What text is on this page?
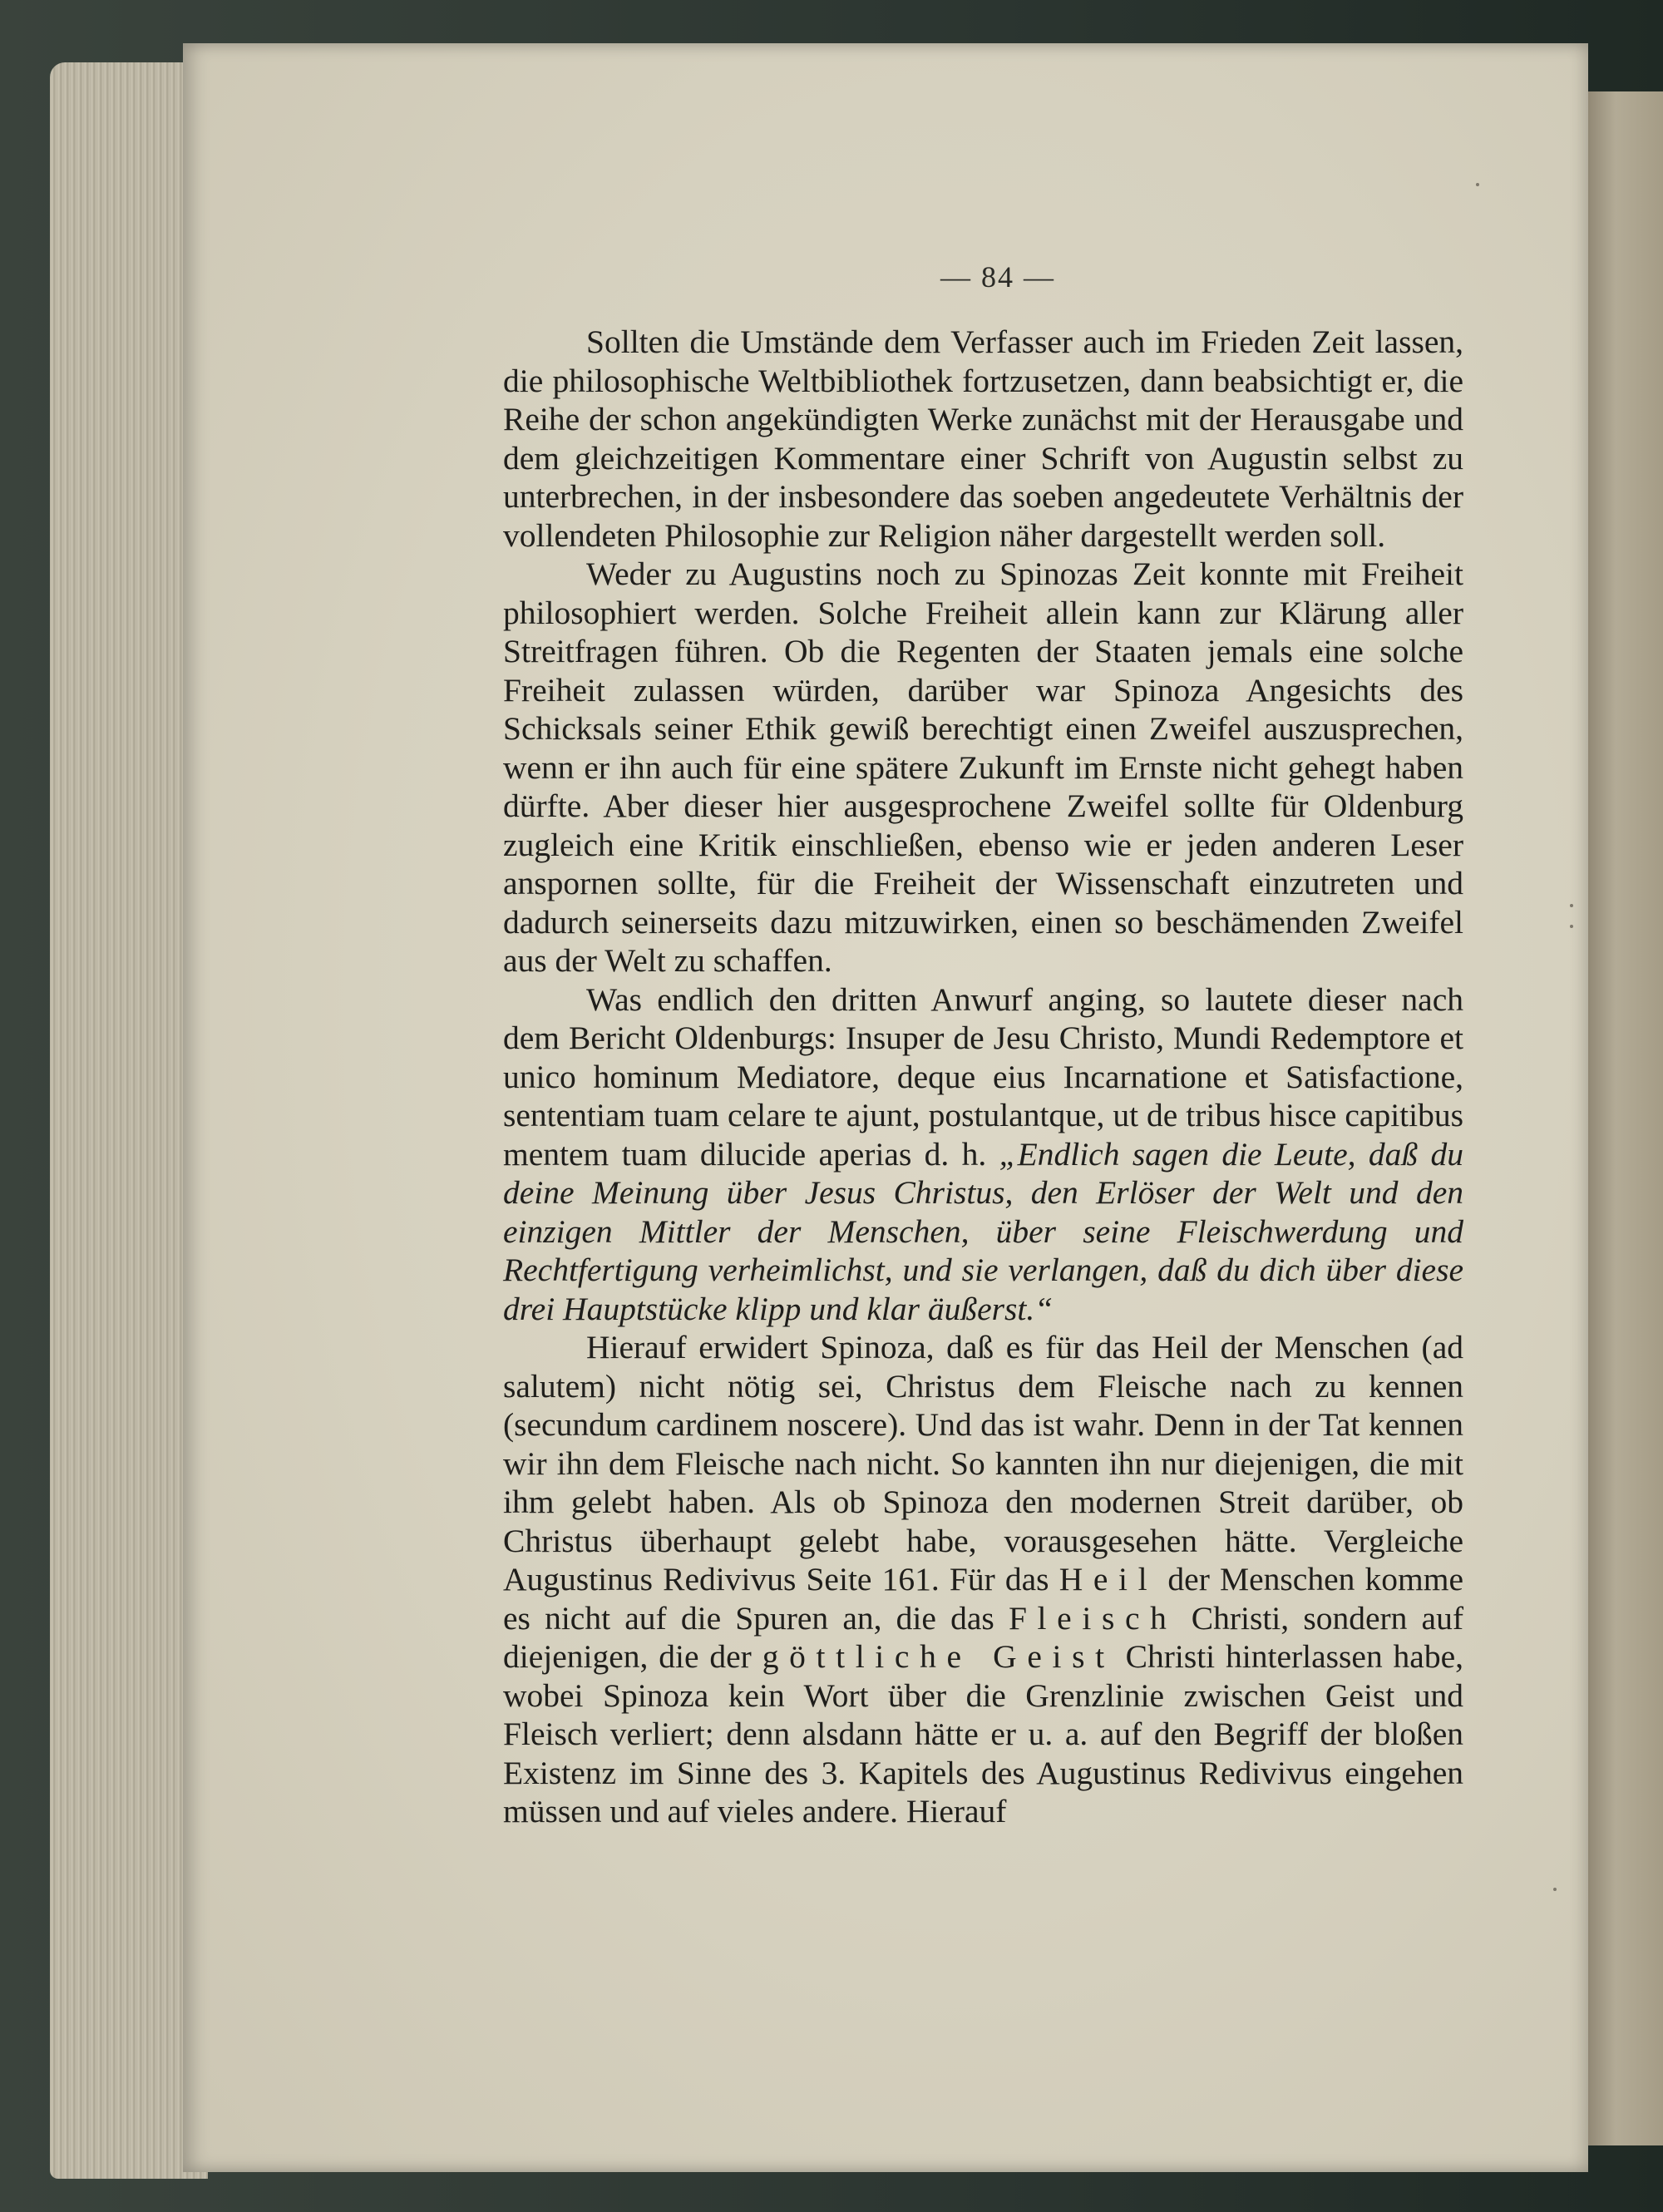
— 84 —

Sollten die Umstände dem Verfasser auch im Frieden Zeit lassen, die philosophische Weltbibliothek fortzusetzen, dann beabsichtigt er, die Reihe der schon angekündigten Werke zunächst mit der Herausgabe und dem gleichzeitigen Kommentare einer Schrift von Augustin selbst zu unterbrechen, in der insbesondere das soeben angedeutete Verhältnis der vollendeten Philosophie zur Religion näher dargestellt werden soll.

Weder zu Augustins noch zu Spinozas Zeit konnte mit Freiheit philosophiert werden. Solche Freiheit allein kann zur Klärung aller Streitfragen führen. Ob die Regenten der Staaten jemals eine solche Freiheit zulassen würden, darüber war Spinoza Angesichts des Schicksals seiner Ethik gewiß berechtigt einen Zweifel auszusprechen, wenn er ihn auch für eine spätere Zukunft im Ernste nicht gehegt haben dürfte. Aber dieser hier ausgesprochene Zweifel sollte für Oldenburg zugleich eine Kritik einschließen, ebenso wie er jeden anderen Leser anspornen sollte, für die Freiheit der Wissenschaft einzutreten und dadurch seinerseits dazu mitzuwirken, einen so beschämenden Zweifel aus der Welt zu schaffen.

Was endlich den dritten Anwurf anging, so lautete dieser nach dem Bericht Oldenburgs: Insuper de Jesu Christo, Mundi Redemptore et unico hominum Mediatore, deque eius Incarnatione et Satisfactione, sententiam tuam celare te ajunt, postulantque, ut de tribus hisce capitibus mentem tuam dilucide aperias d. h. „Endlich sagen die Leute, daß du deine Meinung über Jesus Christus, den Erlöser der Welt und den einzigen Mittler der Menschen, über seine Fleischwerdung und Rechtfertigung verheimlichst, und sie verlangen, daß du dich über diese drei Hauptstücke klipp und klar äußerst.“

Hierauf erwidert Spinoza, daß es für das Heil der Menschen (ad salutem) nicht nötig sei, Christus dem Fleische nach zu kennen (secundum cardinem noscere). Und das ist wahr. Denn in der Tat kennen wir ihn dem Fleische nach nicht. So kannten ihn nur diejenigen, die mit ihm gelebt haben. Als ob Spinoza den modernen Streit darüber, ob Christus überhaupt gelebt habe, vorausgesehen hätte. Vergleiche Augustinus Redivivus Seite 161. Für das Heil der Menschen komme es nicht auf die Spuren an, die das Fleisch Christi, sondern auf diejenigen, die der göttliche Geist Christi hinterlassen habe, wobei Spinoza kein Wort über die Grenzlinie zwischen Geist und Fleisch verliert; denn alsdann hätte er u. a. auf den Begriff der bloßen Existenz im Sinne des 3. Kapitels des Augustinus Redivivus eingehen müssen und auf vieles andere. Hierauf
